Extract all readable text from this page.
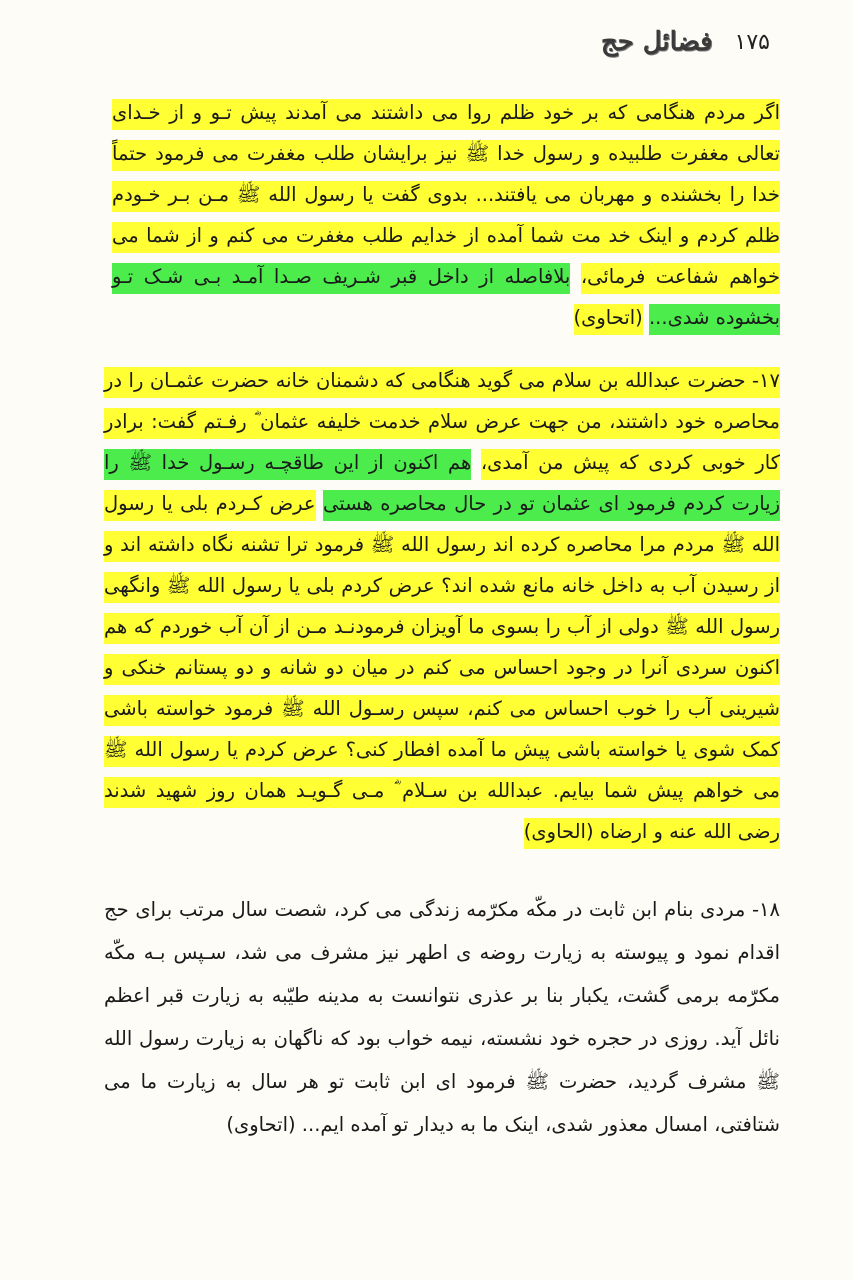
۱۷۵
فضائل حج

اگر مردم هنگامی که بر خود ظلم روا می داشتند می آمدند پیش تـو و از خـدای تعالی مغفرت طلبیده و رسول خدا ﷺ نیز برایشان طلب مغفرت می فرمود حتماً خدا را بخشنده و مهربان می یافتند... بدوی گفت یا رسول الله ﷺ مـن بـر خـودم ظلم کردم و اینک خد مت شما آمده از خدایم طلب مغفرت می کنم و از شما می خواهم شفاعت فرمائی، بلافاصله از داخل قبر شـریف صـدا آمـد بـی شـک تـو بخشوده شدی... (اتحاوی)

۱۷- حضرت عبدالله بن سلام می گوید هنگامی که دشمنان خانه حضرت عثمـان را در محاصره خود داشتند، من جهت عرض سلام خدمت خلیفه عثمان ؓ رفـتم گفت: برادر کار خوبی کردی که پیش من آمدی، هم اکنون از این طاقچـه رسـول خدا ﷺ را زیارت کردم فرمود ای عثمان تو در حال محاصره هستی عرض کـردم بلی یا رسول الله ﷺ مردم مرا محاصره کرده اند رسول الله ﷺ فرمود ترا تشنه نگاه داشته اند و از رسیدن آب به داخل خانه مانع شده اند؟ عرض کردم بلی یا رسول الله ﷺ وانگهی رسول الله ﷺ دولی از آب را بسوی ما آویزان فرمودنـد مـن از آن آب خوردم که هم اکنون سردی آنرا در وجود احساس می کنم در میان دو شانه و دو پستانم خنکی و شیرینی آب را خوب احساس می کنم، سپس رسـول الله ﷺ فرمود خواسته باشی کمک شوی یا خواسته باشی پیش ما آمده افطار کنی؟ عرض کردم یا رسول الله ﷺ می خواهم پیش شما بیایم. عبدالله بن سـلام ؓ مـی گـویـد همان روز شهید شدند رضی الله عنه و ارضاه (الحاوی)

۱۸- مردی بنام ابن ثابت در مکّه مکرّمه زندگی می کرد، شصت سال مرتب برای حج اقدام نمود و پیوسته به زیارت روضه ی اطهر نیز مشرف می شد، سـپس بـه مکّه مکرّمه برمی گشت، یکبار بنا بر عذری نتوانست به مدینه طیّبه به زیارت قبر اعظم نائل آید. روزی در حجره خود نشسته، نیمه خواب بود که ناگهان به زیارت رسول الله ﷺ مشرف گردید، حضرت ﷺ فرمود ای ابن ثابت تو هر سال به زیارت ما می شتافتی، امسال معذور شدی، اینک ما به دیدار تو آمده ایم... (اتحاوی)
